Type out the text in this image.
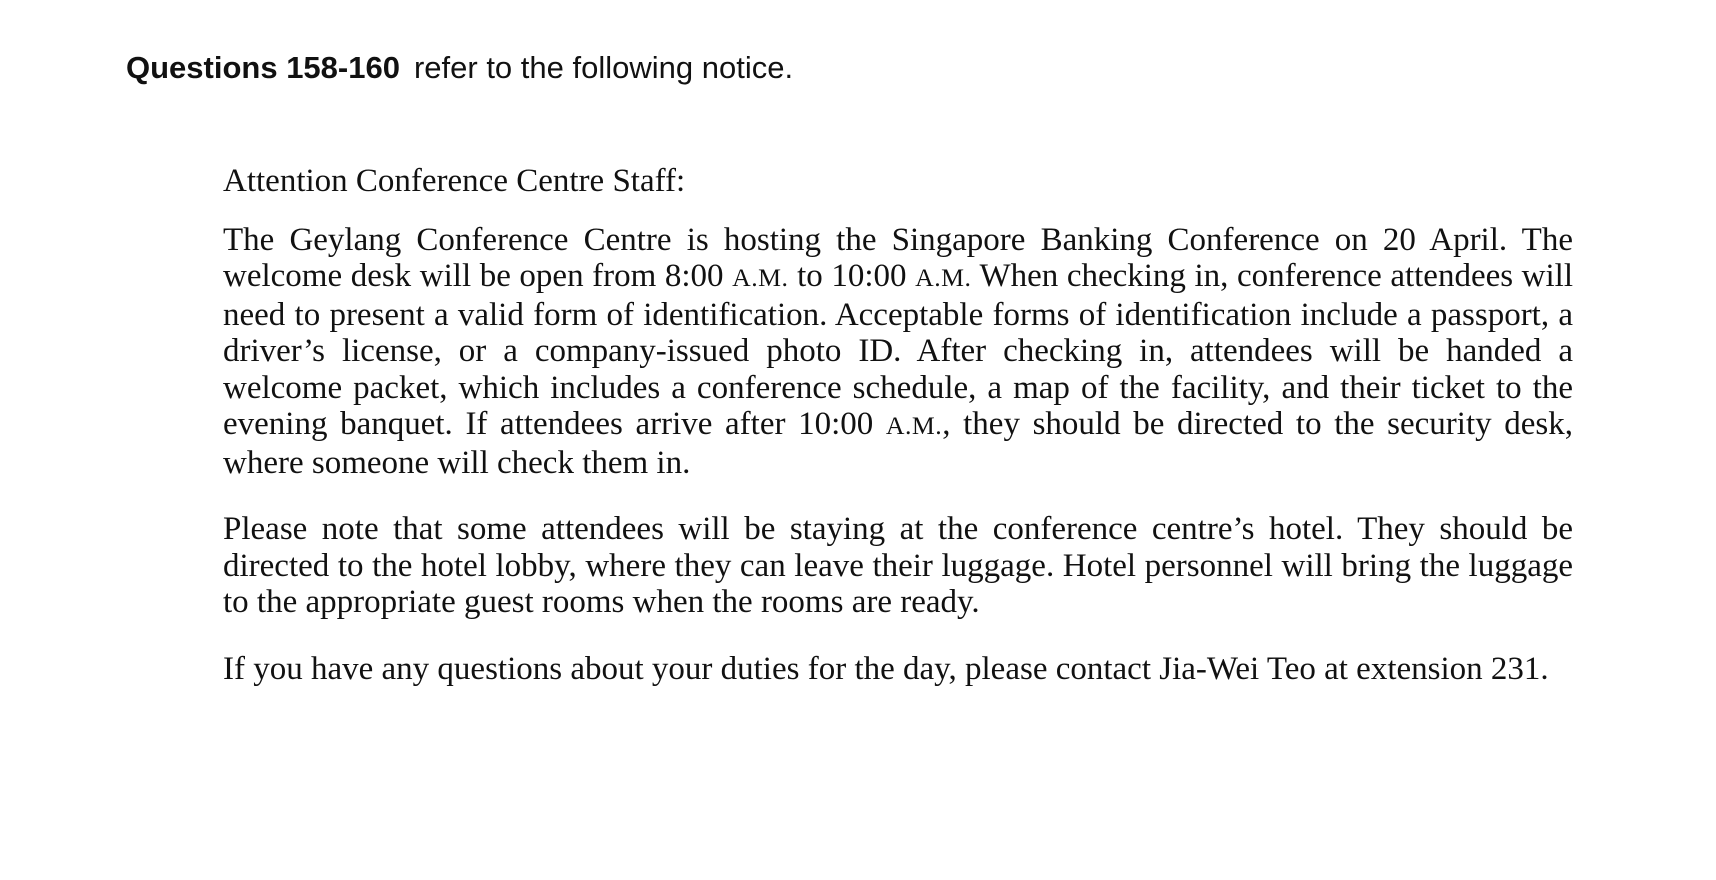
Questions 158-160 refer to the following notice.

Attention Conference Centre Staff:

The Geylang Conference Centre is hosting the Singapore Banking Conference on 20 April. The welcome desk will be open from 8:00 A.M. to 10:00 A.M. When checking in, conference attendees will need to present a valid form of identification. Acceptable forms of identification include a passport, a driver’s license, or a company-issued photo ID. After checking in, attendees will be handed a welcome packet, which includes a conference schedule, a map of the facility, and their ticket to the evening banquet. If attendees arrive after 10:00 A.M., they should be directed to the security desk, where someone will check them in.

Please note that some attendees will be staying at the conference centre’s hotel. They should be directed to the hotel lobby, where they can leave their luggage. Hotel personnel will bring the luggage to the appropriate guest rooms when the rooms are ready.

If you have any questions about your duties for the day, please contact Jia-Wei Teo at extension 231.
